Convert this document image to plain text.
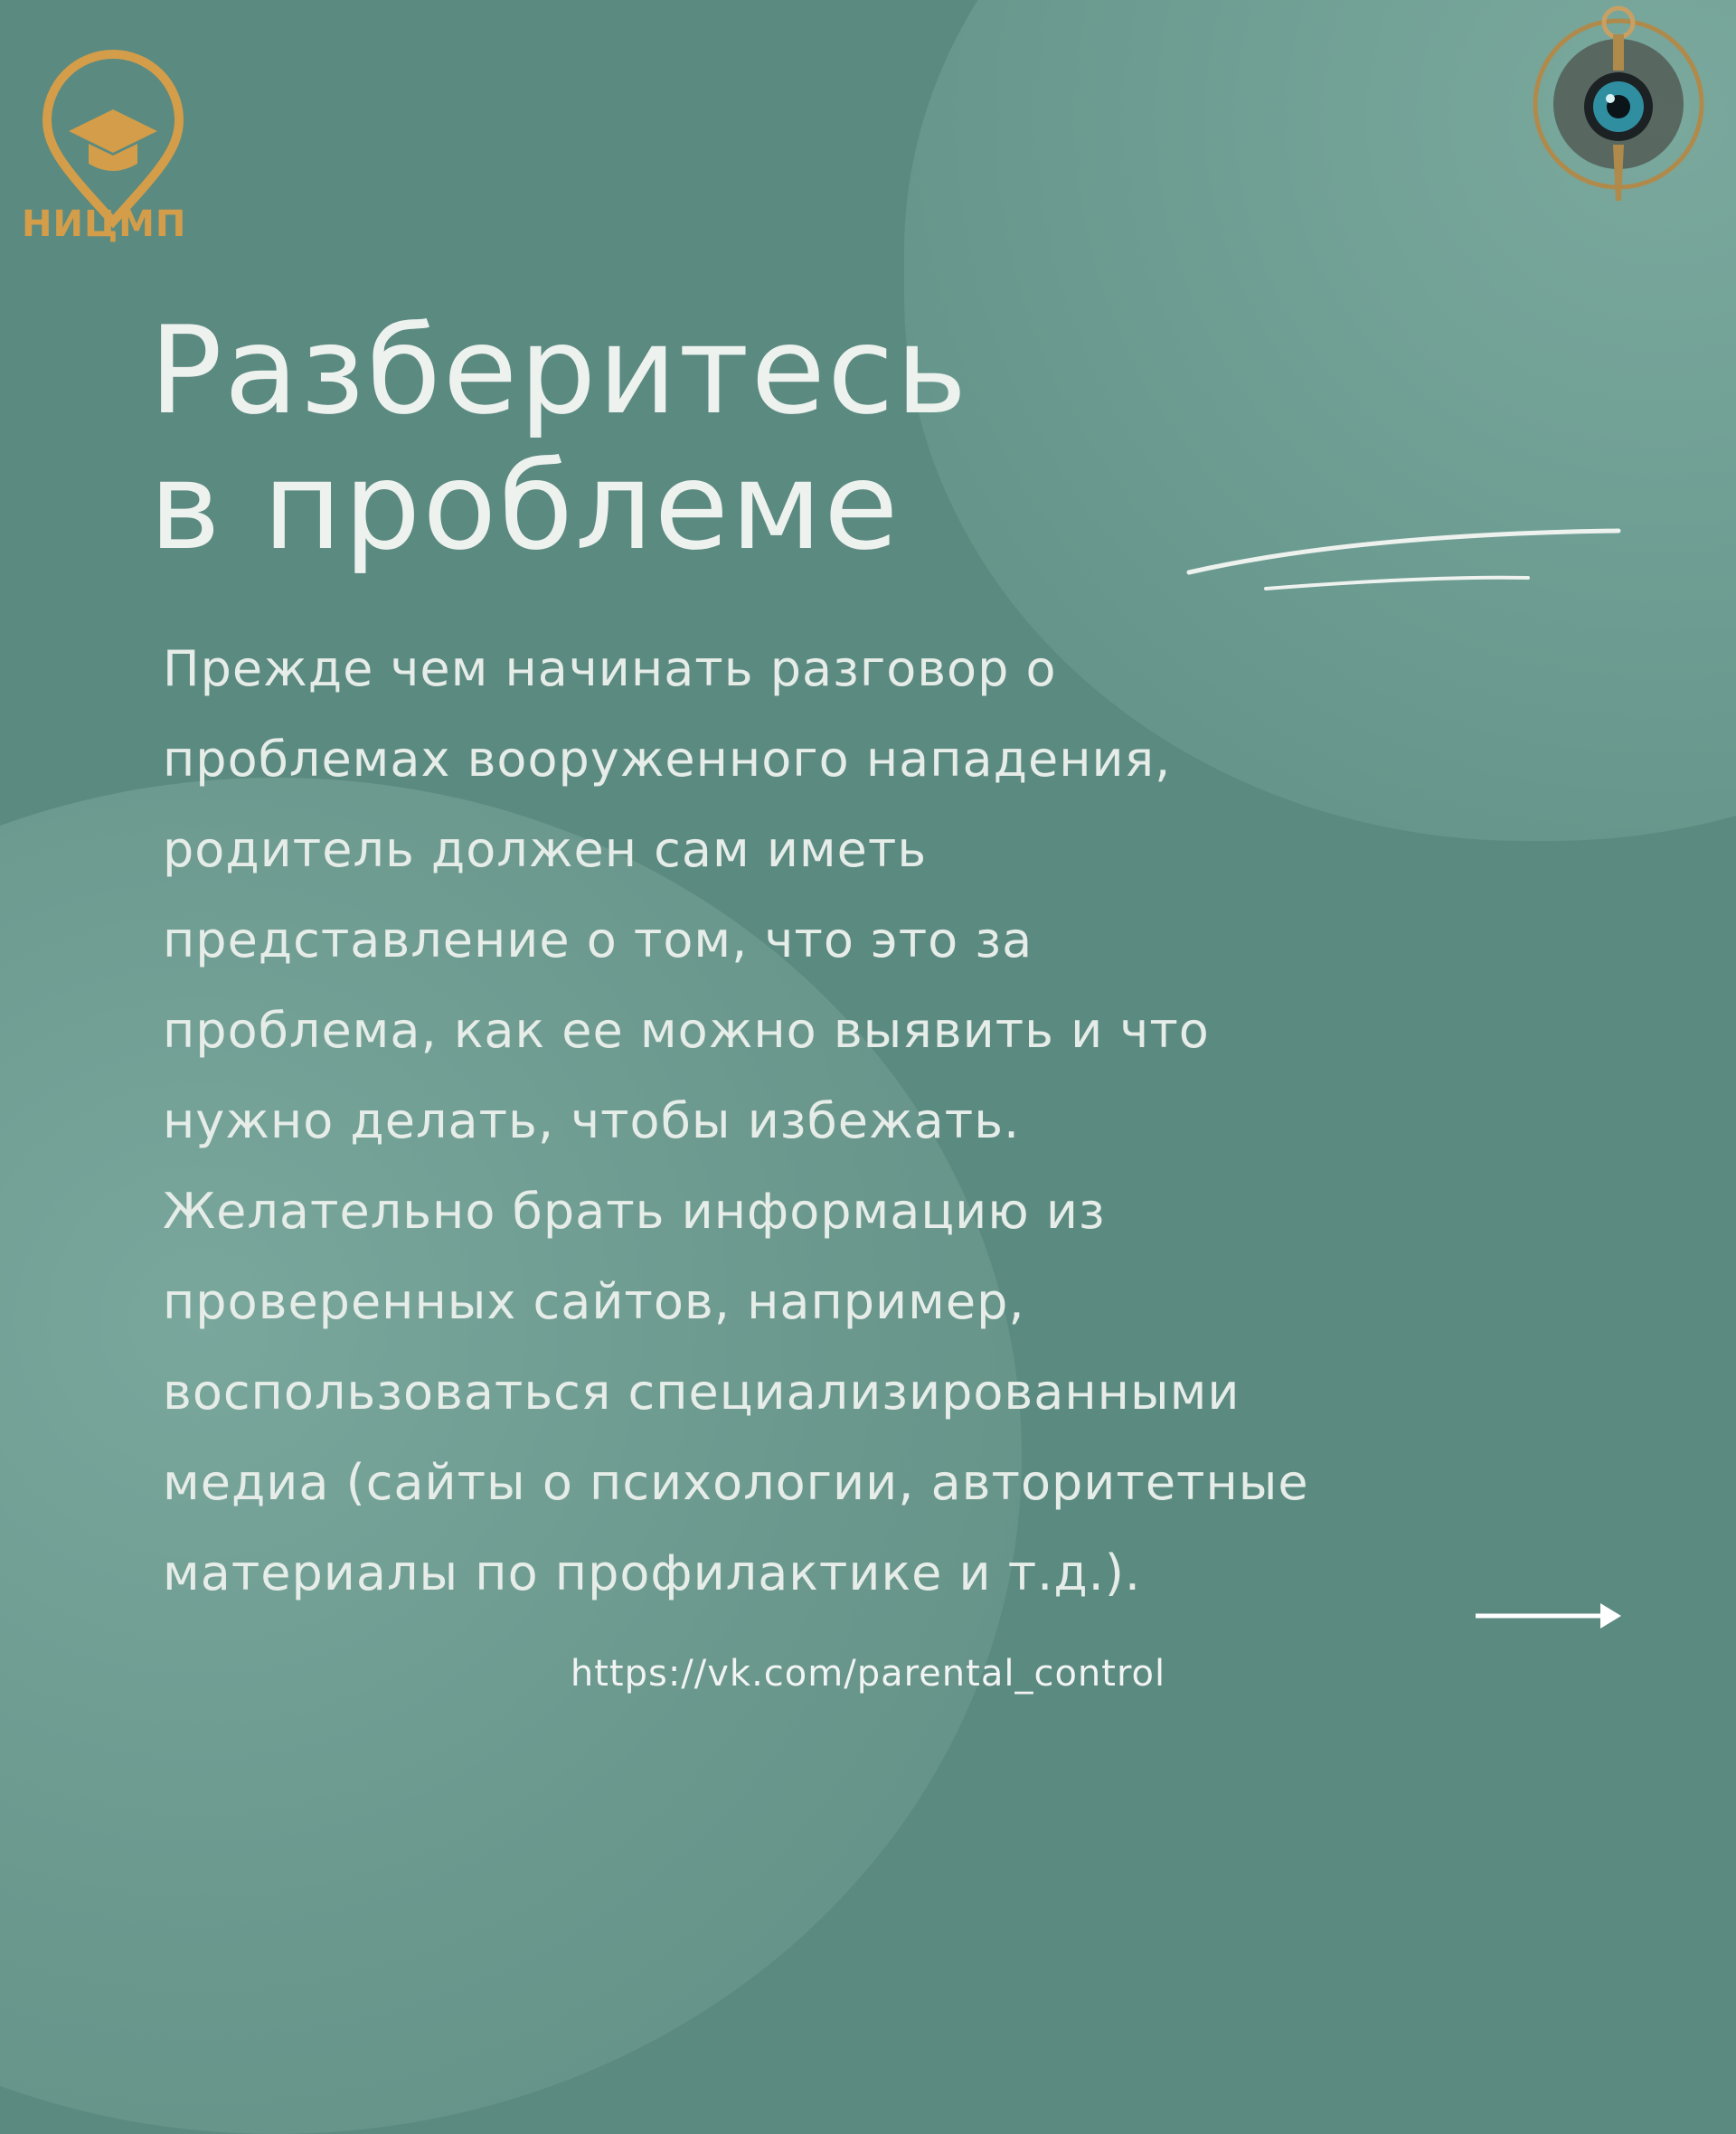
НИЦМП
Разберитесь
в проблеме

Прежде чем начинать разговор о
проблемах вооруженного нападения,
родитель должен сам иметь
представление о том, что это за
проблема, как ее можно выявить и что
нужно делать, чтобы избежать.
Желательно брать информацию из
проверенных сайтов, например,
воспользоваться специализированными
медиа (сайты о психологии, авторитетные
материалы по профилактике и т.д.).

https://vk.com/parental_control
